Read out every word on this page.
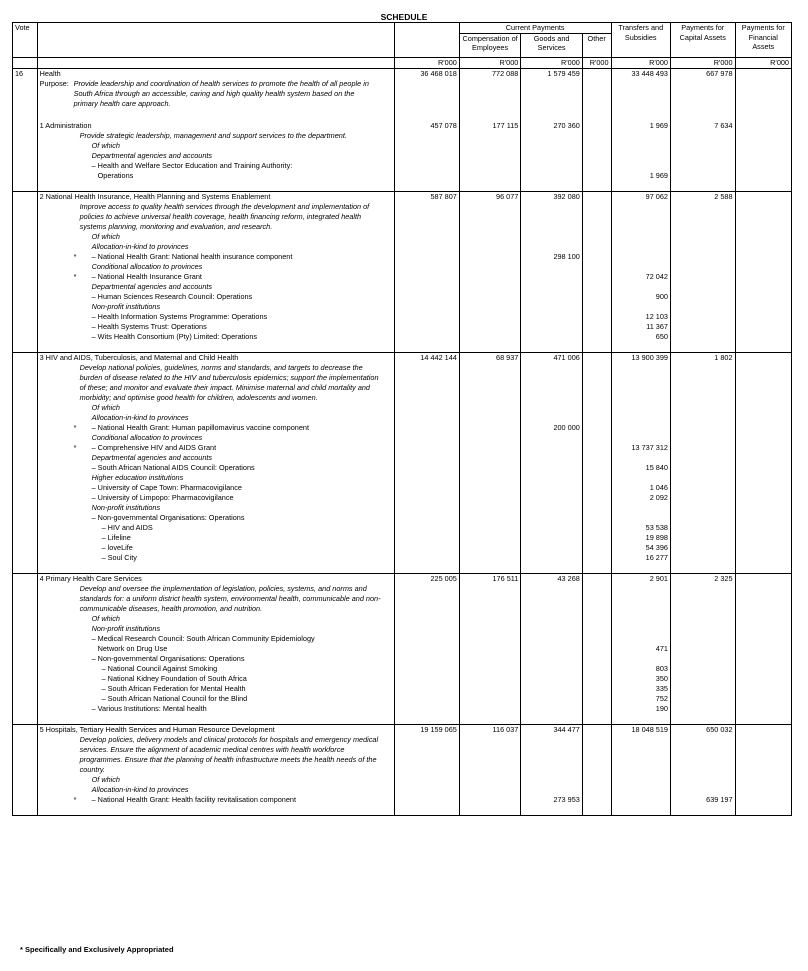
SCHEDULE
Vote			Current Payments			Transfers and Subsidies	Payments for Capital Assets	Payments for Financial Assets
			Compensation of Employees	Goods and Services	Other			
		R'000	R'000	R'000	R'000	R'000	R'000	R'000
16	Health	36 468 018	772 088	1 579 459		33 448 493	667 978	
	Purpose: Provide leadership and coordination of health services to promote the health of all people in South Africa through an accessible, caring and high quality health system based on the primary health care approach.							

	1 Administration	457 078	177 115	270 360		1 969	7 634	

	Provide strategic leadership, management and support services to the department.							

	Of which							
	Departmental agencies and accounts							
	– Health and Welfare Sector Education and Training Authority:							
	Operations					1 969		

	2 National Health Insurance, Health Planning and Systems Enablement	587 807	96 077	392 080		97 062	2 588	

	Improve access to quality health services through the development and implementation of policies to achieve universal health coverage, health financing reform, integrated health systems planning, monitoring and evaluation, and research.							

	Of which							
	Allocation-in-kind to provinces							

	* – National Health Grant: National health insurance component			298 100				
	Conditional allocation to provinces							

	* – National Health Insurance Grant					72 042		
	Departmental agencies and accounts							
	– Human Sciences Research Council: Operations					900		
	Non-profit institutions							
	– Health Information Systems Programme: Operations					12 103		
	– Health Systems Trust: Operations					11 367		
	– Wits Health Consortium (Pty) Limited: Operations					650		

	3 HIV and AIDS, Tuberculosis, and Maternal and Child Health	14 442 144	68 937	471 006		13 900 399	1 802	

	Develop national policies, guidelines, norms and standards, and targets to decrease the burden of disease related to the HIV and tuberculosis epidemics; support the implementation of these; and monitor and evaluate their impact. Minimise maternal and child mortality and morbidity; and optimise good health for children, adolescents and women.							

	Of which							
	Allocation-in-kind to provinces							

	* – National Health Grant: Human papillomavirus vaccine component			200 000				
	Conditional allocation to provinces							

	* – Comprehensive HIV and AIDS Grant					13 737 312		
	Departmental agencies and accounts							
	– South African National AIDS Council: Operations					15 840		
	Higher education institutions							
	– University of Cape Town: Pharmacovigilance					1 046		
	– University of Limpopo: Pharmacovigilance					2 092		
	Non-profit institutions							
	– Non-governmental Organisations: Operations							
	– HIV and AIDS					53 538		
	– Lifeline					19 898		
	– loveLife					54 396		
	– Soul City					16 277		

	4 Primary Health Care Services	225 005	176 511	43 268		2 901	2 325	

	Develop and oversee the implementation of legislation, policies, systems, and norms and standards for: a uniform district health system, environmental health, communicable and non-communicable diseases, health promotion, and nutrition.							

	Of which							
	Non-profit institutions							
	– Medical Research Council: South African Community Epidemiology							
	Network on Drug Use					471		
	– Non-governmental Organisations: Operations							
	– National Council Against Smoking					803		
	– National Kidney Foundation of South Africa					350		
	– South African Federation for Mental Health					335		
	– South African National Council for the Blind					752		
	– Various Institutions: Mental health					190		

	5 Hospitals, Tertiary Health Services and Human Resource Development	19 159 065	116 037	344 477		18 048 519	650 032	

	Develop policies, delivery models and clinical protocols for hospitals and emergency medical services. Ensure the alignment of academic medical centres with health workforce programmes. Ensure that the planning of health infrastructure meets the health needs of the country.							

	Of which							
	Allocation-in-kind to provinces							

	* – National Health Grant: Health facility revitalisation component			273 953			639 197	

* Specifically and Exclusively Appropriated
